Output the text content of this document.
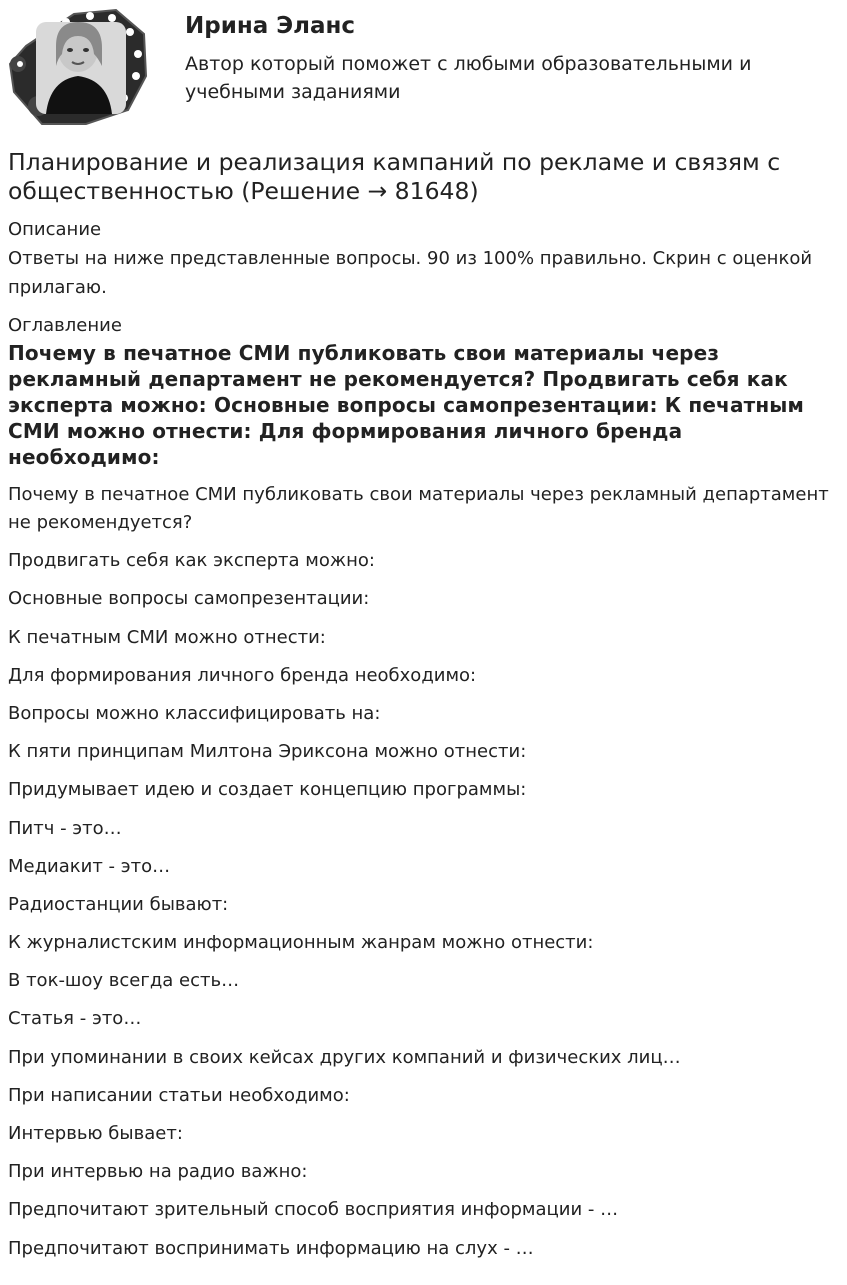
Ирина Эланс
Автор который поможет с любыми образовательными и учебными заданиями
Планирование и реализация кампаний по рекламе и связям с общественностью (Решение → 81648)
Описание
Ответы на ниже представленные вопросы. 90 из 100% правильно. Скрин с оценкой прилагаю.
Оглавление
Почему в печатное СМИ публиковать свои материалы через рекламный департамент не рекомендуется? Продвигать себя как эксперта можно: Основные вопросы самопрезентации: К печатным СМИ можно отнести: Для формирования личного бренда необходимо:
Почему в печатное СМИ публиковать свои материалы через рекламный департамент не рекомендуется?
Продвигать себя как эксперта можно:
Основные вопросы самопрезентации:
К печатным СМИ можно отнести:
Для формирования личного бренда необходимо:
Вопросы можно классифицировать на:
К пяти принципам Милтона Эриксона можно отнести:
Придумывает идею и создает концепцию программы:
Питч - это…
Медиакит - это…
Радиостанции бывают:
К журналистским информационным жанрам можно отнести:
В ток-шоу всегда есть…
Статья - это…
При упоминании в своих кейсах других компаний и физических лиц…
При написании статьи необходимо:
Интервью бывает:
При интервью на радио важно:
Предпочитают зрительный способ восприятия информации - …
Предпочитают воспринимать информацию на слух - …
